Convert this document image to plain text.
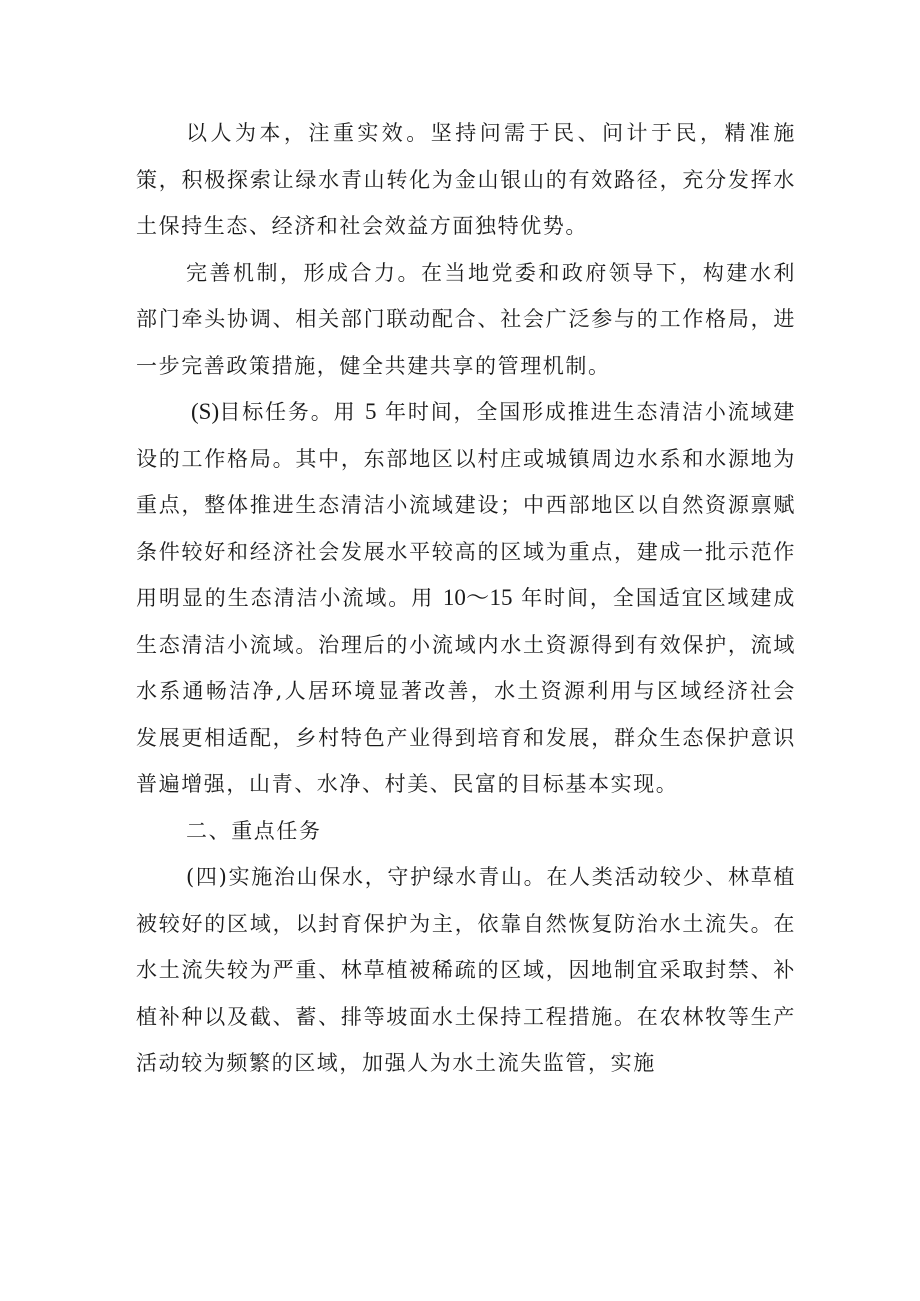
以人为本，注重实效。坚持问需于民、问计于民，精准施策，积极探索让绿水青山转化为金山银山的有效路径，充分发挥水土保持生态、经济和社会效益方面独特优势。

完善机制，形成合力。在当地党委和政府领导下，构建水利部门牵头协调、相关部门联动配合、社会广泛参与的工作格局，进一步完善政策措施，健全共建共享的管理机制。

(S)目标任务。用 5 年时间，全国形成推进生态清洁小流域建设的工作格局。其中，东部地区以村庄或城镇周边水系和水源地为重点，整体推进生态清洁小流域建设；中西部地区以自然资源禀赋条件较好和经济社会发展水平较高的区域为重点，建成一批示范作用明显的生态清洁小流域。用 10～15 年时间，全国适宜区域建成生态清洁小流域。治理后的小流域内水土资源得到有效保护，流域水系通畅洁净,人居环境显著改善，水土资源利用与区域经济社会发展更相适配，乡村特色产业得到培育和发展，群众生态保护意识普遍增强，山青、水净、村美、民富的目标基本实现。

二、重点任务

(四)实施治山保水，守护绿水青山。在人类活动较少、林草植被较好的区域，以封育保护为主，依靠自然恢复防治水土流失。在水土流失较为严重、林草植被稀疏的区域，因地制宜采取封禁、补植补种以及截、蓄、排等坡面水土保持工程措施。在农林牧等生产活动较为频繁的区域，加强人为水土流失监管，实施
